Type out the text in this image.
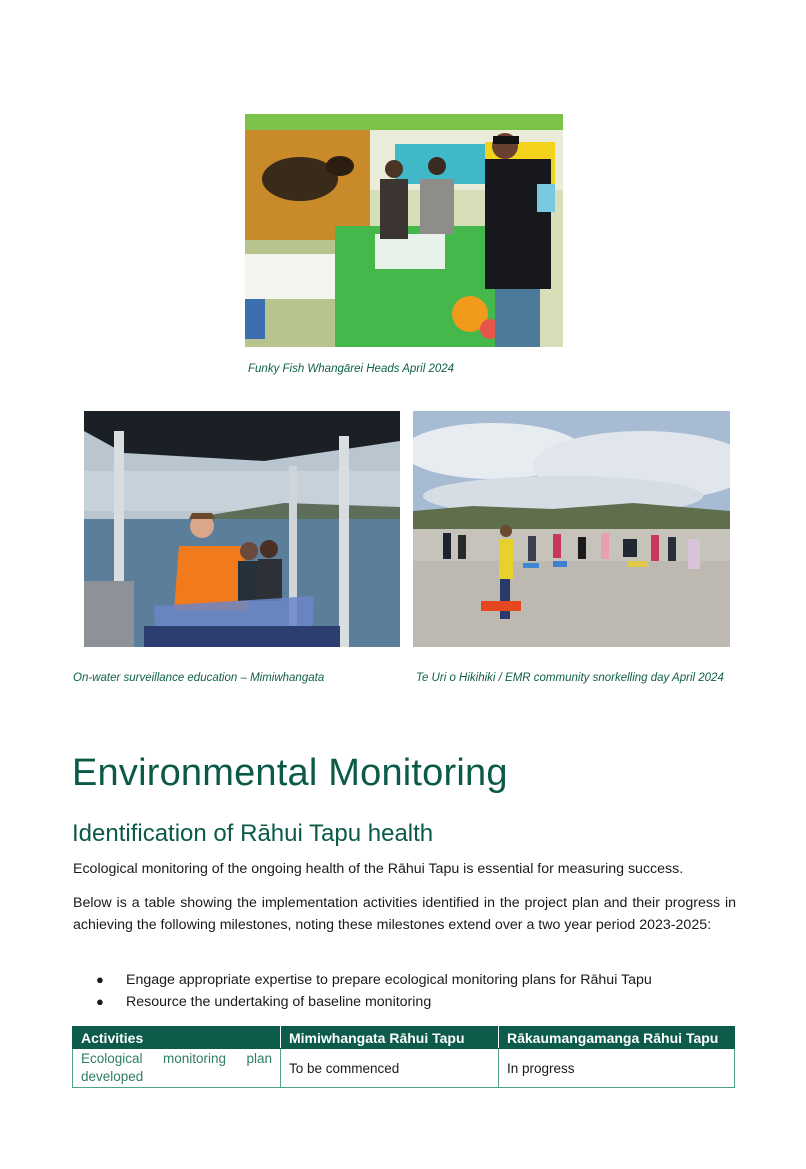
Funky Fish Whangārei Heads April 2024
On-water surveillance education – Mimiwhangata	Te Uri o Hikihiki / EMR community snorkelling day April 2024
Environmental Monitoring
Identification of Rāhui Tapu health

Ecological monitoring of the ongoing health of the Rāhui Tapu is essential for measuring success.

Below is a table showing the implementation activities identified in the project plan and their progress in achieving the following milestones, noting these milestones extend over a two year period 2023-2025:

● Engage appropriate expertise to prepare ecological monitoring plans for Rāhui Tapu
● Resource the undertaking of baseline monitoring
Activities	Mimiwhangata Rāhui Tapu	Rākaumangamanga Rāhui Tapu
Ecological monitoring plan developed	To be commenced	In progress
